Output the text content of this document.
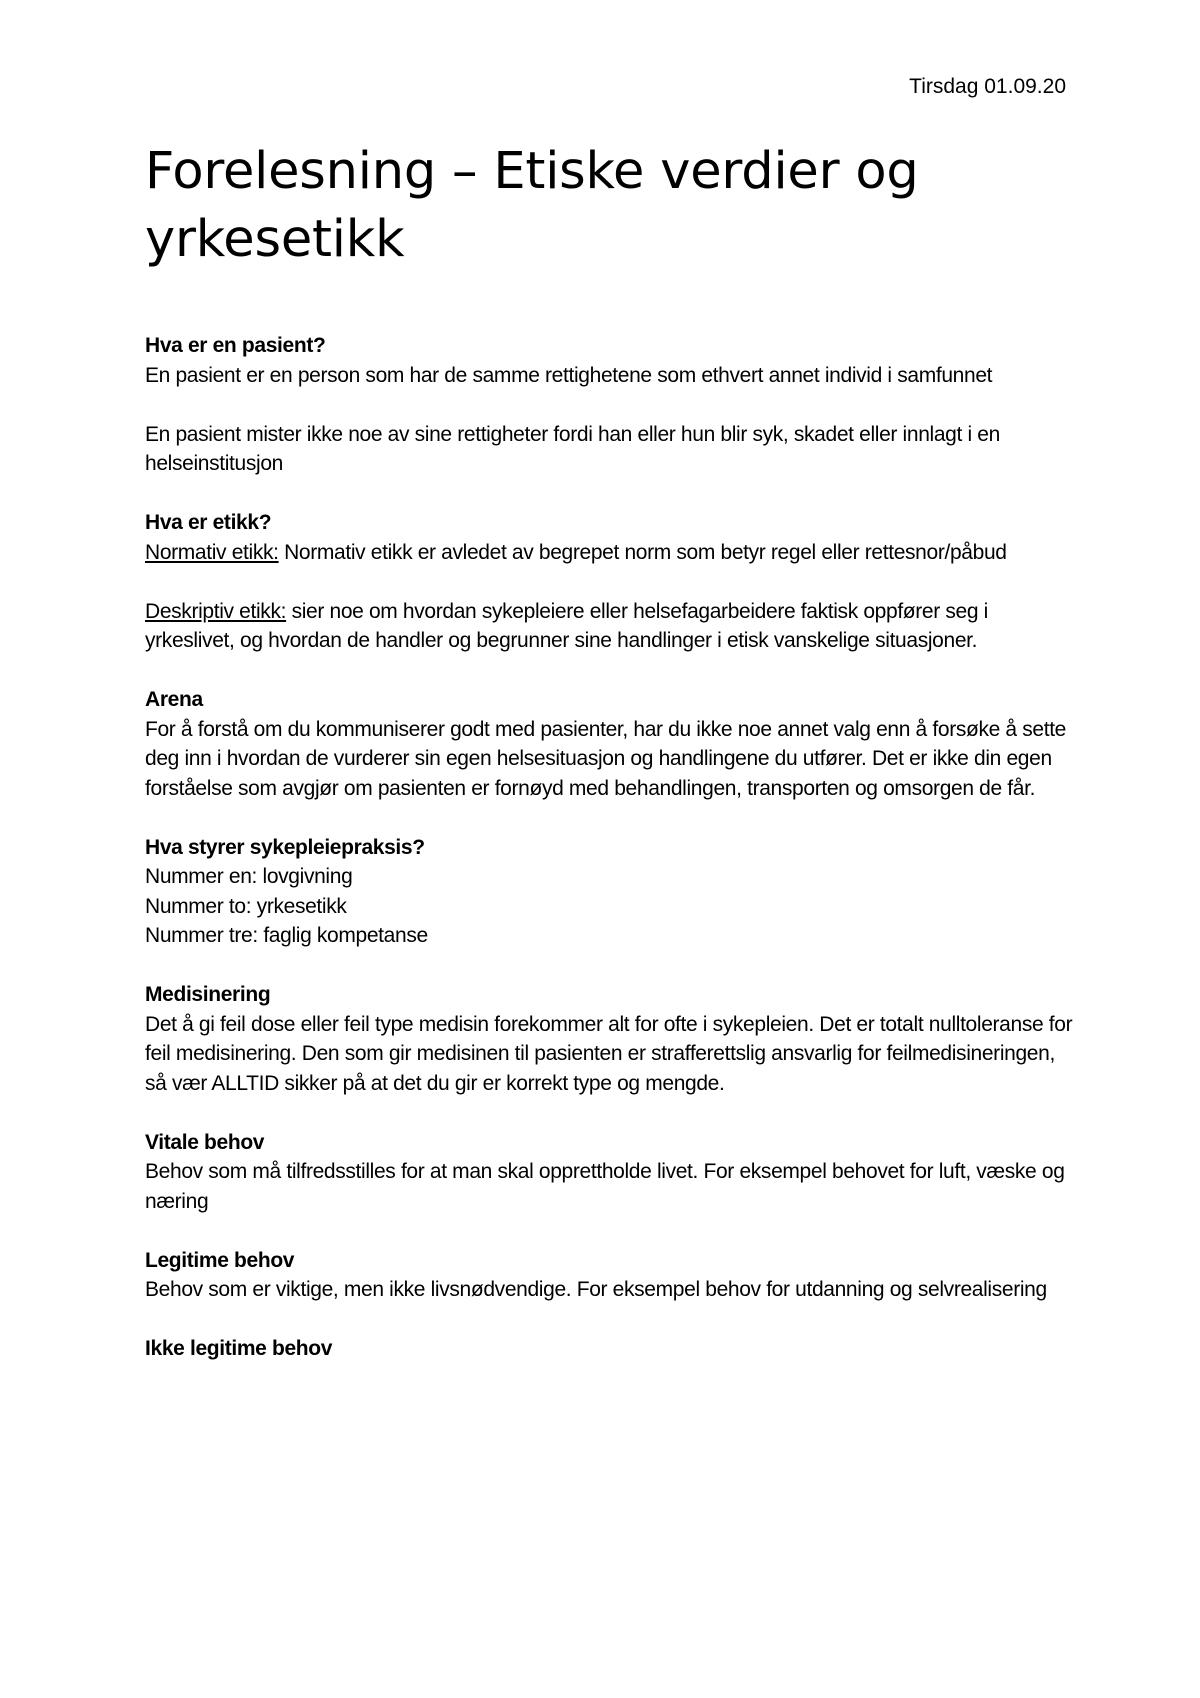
Tirsdag 01.09.20
Forelesning – Etiske verdier og yrkesetikk
Hva er en pasient?

En pasient er en person som har de samme rettighetene som ethvert annet individ i samfunnet

En pasient mister ikke noe av sine rettigheter fordi han eller hun blir syk, skadet eller innlagt i en helseinstitusjon

Hva er etikk?

Normativ etikk: Normativ etikk er avledet av begrepet norm som betyr regel eller rettesnor/påbud

Deskriptiv etikk: sier noe om hvordan sykepleiere eller helsefagarbeidere faktisk oppfører seg i yrkeslivet, og hvordan de handler og begrunner sine handlinger i etisk vanskelige situasjoner.

Arena

For å forstå om du kommuniserer godt med pasienter, har du ikke noe annet valg enn å forsøke å sette deg inn i hvordan de vurderer sin egen helsesituasjon og handlingene du utfører. Det er ikke din egen forståelse som avgjør om pasienten er fornøyd med behandlingen, transporten og omsorgen de får.

Hva styrer sykepleiepraksis?
Nummer en: lovgivning
Nummer to: yrkesetikk
Nummer tre: faglig kompetanse
Medisinering

Det å gi feil dose eller feil type medisin forekommer alt for ofte i sykepleien. Det er totalt nulltoleranse for feil medisinering. Den som gir medisinen til pasienten er strafferettslig ansvarlig for feilmedisineringen, så vær ALLTID sikker på at det du gir er korrekt type og mengde.

Vitale behov

Behov som må tilfredsstilles for at man skal opprettholde livet. For eksempel behovet for luft, væske og næring

Legitime behov

Behov som er viktige, men ikke livsnødvendige. For eksempel behov for utdanning og selvrealisering

Ikke legitime behov
